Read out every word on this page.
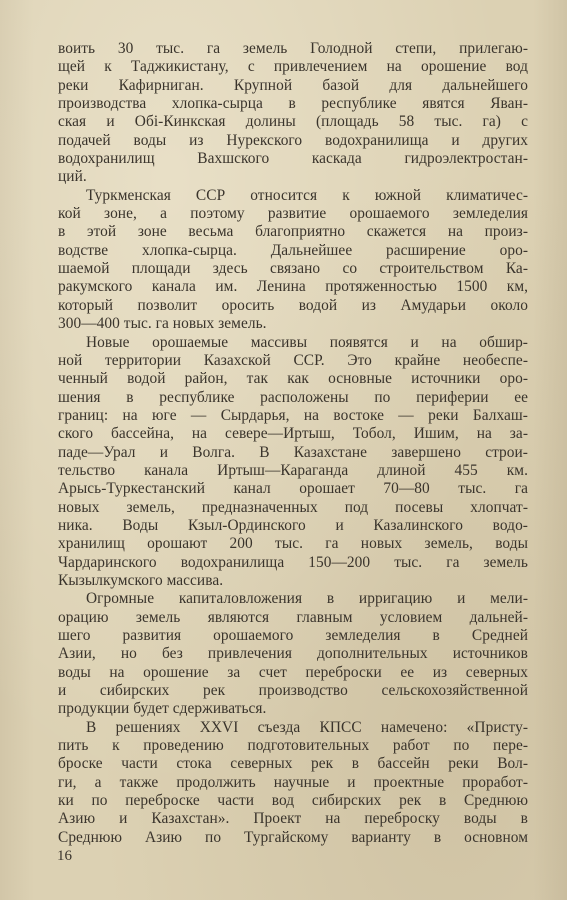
воить 30 тыс. га земель Голодной степи, прилегаю-
щей к Таджикистану, с привлечением на орошение вод
реки Кафирниган. Крупной базой для дальнейшего
производства хлопка-сырца в республике явятся Яван-
ская и Обі-Кинкская долины (площадь 58 тыс. га) с
подачей воды из Нурекского водохранилища и других
водохранилищ Вахшского каскада гидроэлектростан-
ций.

Туркменская ССР относится к южной климатичес-
кой зоне, а поэтому развитие орошаемого земледелия
в этой зоне весьма благоприятно скажется на произ-
водстве хлопка-сырца. Дальнейшее расширение оро-
шаемой площади здесь связано со строительством Ка-
ракумского канала им. Ленина протяженностью 1500 км,
который позволит оросить водой из Амударьи около
300—400 тыс. га новых земель.

Новые орошаемые массивы появятся и на обшир-
ной территории Казахской ССР. Это крайне необеспе-
ченный водой район, так как основные источники оро-
шения в республике расположены по периферии ее
границ: на юге — Сырдарья, на востоке — реки Балхаш-
ского бассейна, на севере—Иртыш, Тобол, Ишим, на за-
паде—Урал и Волга. В Казахстане завершено строи-
тельство канала Иртыш—Караганда длиной 455 км.
Арысь-Туркестанский канал орошает 70—80 тыс. га
новых земель, предназначенных под посевы хлопчат-
ника. Воды Кзыл-Ординского и Казалинского водо-
хранилищ орошают 200 тыс. га новых земель, воды
Чардаринского водохранилища 150—200 тыс. га земель
Кызылкумского массива.

Огромные капиталовложения в ирригацию и мели-
орацию земель являются главным условием дальней-
шего развития орошаемого земледелия в Средней
Азии, но без привлечения дополнительных источников
воды на орошение за счет переброски ее из северных
и сибирских рек производство сельскохозяйственной
продукции будет сдерживаться.

В решениях XXVI съезда КПСС намечено: «Присту-
пить к проведению подготовительных работ по пере-
броске части стока северных рек в бассейн реки Вол-
ги, а также продолжить научные и проектные проработ-
ки по переброске части вод сибирских рек в Среднюю
Азию и Казахстан». Проект на переброску воды в
Среднюю Азию по Тургайскому варианту в основном

16
